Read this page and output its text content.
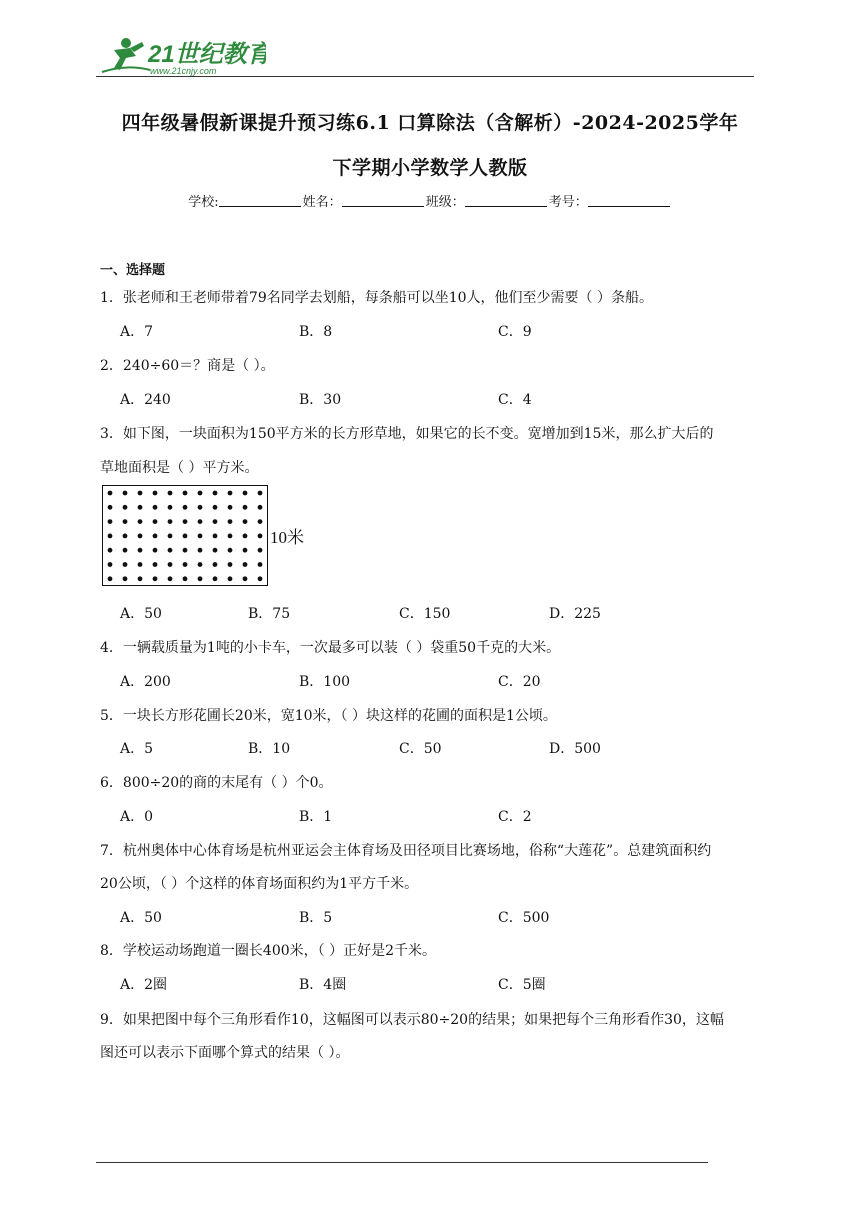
21世纪教育
www.21cnjy.com
四年级暑假新课提升预习练6.1 口算除法（含解析）-2024-2025学年
下学期小学数学人教版
学校:	姓名：	班级：	考号：
一、选择题
1．张老师和王老师带着79名同学去划船，每条船可以坐10人，他们至少需要（ ）条船。
A．7	B．8	C．9
2．240÷60＝？商是（ ）。
A．240	B．30	C．4
3．如下图，一块面积为150平方米的长方形草地，如果它的长不变。宽增加到15米，那么扩大后的
草地面积是（ ）平方米。
10米
A．50	B．75	C．150	D．225
4．一辆载质量为1吨的小卡车，一次最多可以装（ ）袋重50千克的大米。
A．200	B．100	C．20
5．一块长方形花圃长20米，宽10米，（ ）块这样的花圃的面积是1公顷。
A．5	B．10	C．50	D．500
6．800÷20的商的末尾有（ ）个0。
A．0	B．1	C．2
7．杭州奥体中心体育场是杭州亚运会主体育场及田径项目比赛场地，俗称“大莲花”。总建筑面积约
20公顷，（ ）个这样的体育场面积约为1平方千米。
A．50	B．5	C．500
8．学校运动场跑道一圈长400米，（ ）正好是2千米。
A．2圈	B．4圈	C．5圈
9．如果把图中每个三角形看作10，这幅图可以表示80÷20的结果；如果把每个三角形看作30，这幅
图还可以表示下面哪个算式的结果（ ）。
